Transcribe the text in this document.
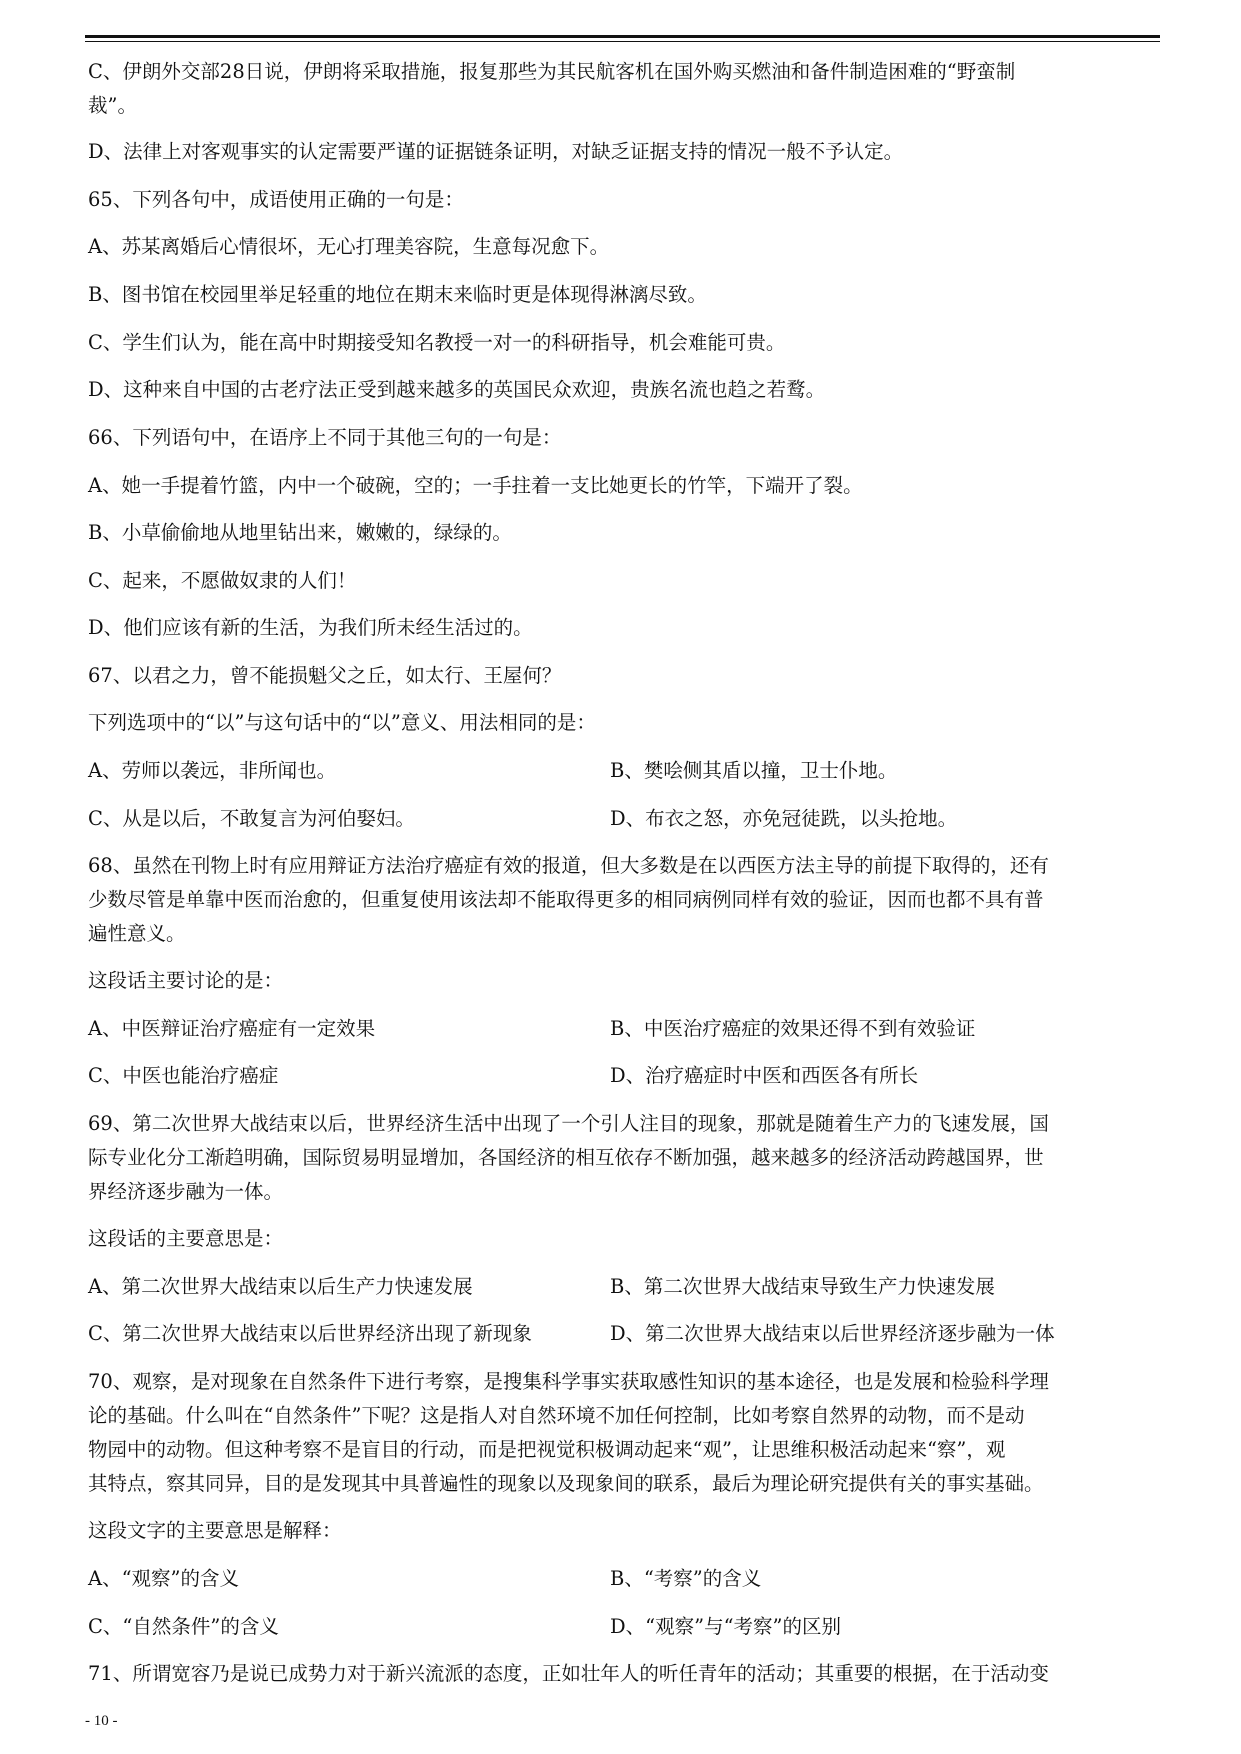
C、伊朗外交部28日说，伊朗将采取措施，报复那些为其民航客机在国外购买燃油和备件制造困难的“野蛮制
裁”。
D、法律上对客观事实的认定需要严谨的证据链条证明，对缺乏证据支持的情况一般不予认定。
65、下列各句中，成语使用正确的一句是：
A、苏某离婚后心情很坏，无心打理美容院，生意每况愈下。
B、图书馆在校园里举足轻重的地位在期末来临时更是体现得淋漓尽致。
C、学生们认为，能在高中时期接受知名教授一对一的科研指导，机会难能可贵。
D、这种来自中国的古老疗法正受到越来越多的英国民众欢迎，贵族名流也趋之若鹜。
66、下列语句中，在语序上不同于其他三句的一句是：
A、她一手提着竹篮，内中一个破碗，空的；一手拄着一支比她更长的竹竿，下端开了裂。
B、小草偷偷地从地里钻出来，嫩嫩的，绿绿的。
C、起来，不愿做奴隶的人们！
D、他们应该有新的生活，为我们所未经生活过的。
67、以君之力，曾不能损魁父之丘，如太行、王屋何？
下列选项中的“以”与这句话中的“以”意义、用法相同的是：
A、劳师以袭远，非所闻也。	B、樊哙侧其盾以撞，卫士仆地。
C、从是以后，不敢复言为河伯娶妇。	D、布衣之怒，亦免冠徒跣，以头抢地。
68、虽然在刊物上时有应用辩证方法治疗癌症有效的报道，但大多数是在以西医方法主导的前提下取得的，还有
少数尽管是单靠中医而治愈的，但重复使用该法却不能取得更多的相同病例同样有效的验证，因而也都不具有普
遍性意义。
这段话主要讨论的是：
A、中医辩证治疗癌症有一定效果	B、中医治疗癌症的效果还得不到有效验证
C、中医也能治疗癌症	D、治疗癌症时中医和西医各有所长
69、第二次世界大战结束以后，世界经济生活中出现了一个引人注目的现象，那就是随着生产力的飞速发展，国
际专业化分工渐趋明确，国际贸易明显增加，各国经济的相互依存不断加强，越来越多的经济活动跨越国界，世
界经济逐步融为一体。
这段话的主要意思是：
A、第二次世界大战结束以后生产力快速发展	B、第二次世界大战结束导致生产力快速发展
C、第二次世界大战结束以后世界经济出现了新现象	D、第二次世界大战结束以后世界经济逐步融为一体
70、观察，是对现象在自然条件下进行考察，是搜集科学事实获取感性知识的基本途径，也是发展和检验科学理
论的基础。什么叫在“自然条件”下呢？这是指人对自然环境不加任何控制，比如考察自然界的动物，而不是动
物园中的动物。但这种考察不是盲目的行动，而是把视觉积极调动起来“观”，让思维积极活动起来“察”，观
其特点，察其同异，目的是发现其中具普遍性的现象以及现象间的联系，最后为理论研究提供有关的事实基础。
这段文字的主要意思是解释：
A、“观察”的含义	B、“考察”的含义
C、“自然条件”的含义	D、“观察”与“考察”的区别
71、所谓宽容乃是说已成势力对于新兴流派的态度，正如壮年人的听任青年的活动；其重要的根据，在于活动变
- 10 -
